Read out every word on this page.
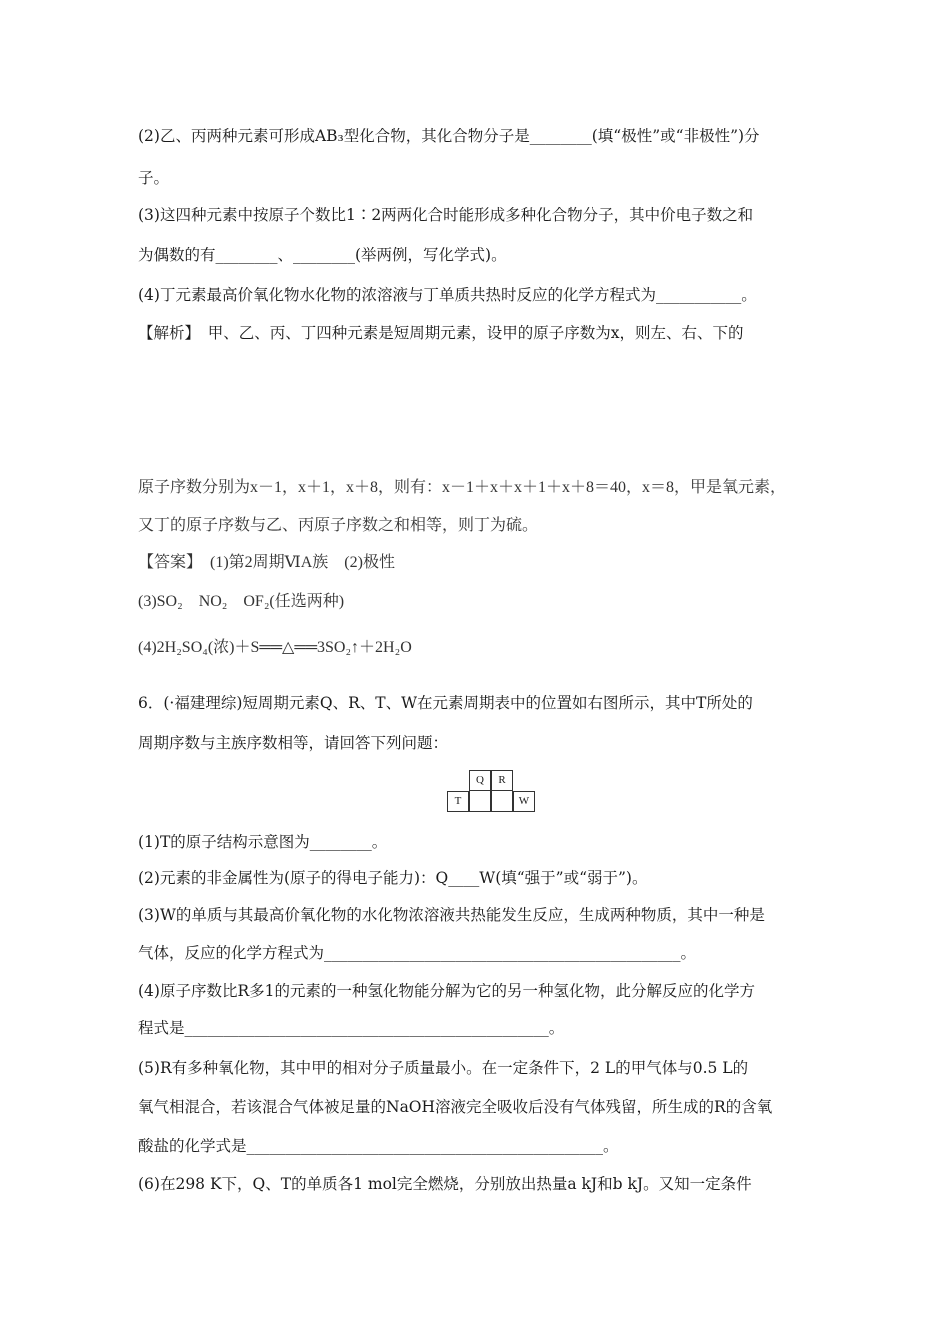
(2)乙、丙两种元素可形成AB₃型化合物，其化合物分子是________(填“极性”或“非极性”)分
子。
(3)这四种元素中按原子个数比1∶2两两化合时能形成多种化合物分子，其中价电子数之和
为偶数的有________、________(举两例，写化学式)。
(4)丁元素最高价氧化物水化物的浓溶液与丁单质共热时反应的化学方程式为___________。
【解析】　甲、乙、丙、丁四种元素是短周期元素，设甲的原子序数为x，则左、右、下的
原子序数分别为x－1，x＋1，x＋8，则有：x－1＋x＋x＋1＋x＋8＝40，x＝8，甲是氧元素，
又丁的原子序数与乙、丙原子序数之和相等，则丁为硫。
【答案】　(1)第2周期ⅥA族　(2)极性
(3)SO₂　NO₂　OF₂(任选两种)
(4)2H₂SO₄(浓)＋S══△══3SO₂↑＋2H₂O
6．(·福建理综)短周期元素Q、R、T、W在元素周期表中的位置如右图所示，其中T所处的
周期序数与主族序数相等，请回答下列问题：
Q	R
T	W
(1)T的原子结构示意图为________。
(2)元素的非金属性为(原子的得电子能力)：Q____W(填“强于”或“弱于”)。
(3)W的单质与其最高价氧化物的水化物浓溶液共热能发生反应，生成两种物质，其中一种是
气体，反应的化学方程式为______________________________________________。
(4)原子序数比R多1的元素的一种氢化物能分解为它的另一种氢化物，此分解反应的化学方
程式是_______________________________________________。
(5)R有多种氧化物，其中甲的相对分子质量最小。在一定条件下，2 L的甲气体与0.5 L的
氧气相混合，若该混合气体被足量的NaOH溶液完全吸收后没有气体残留，所生成的R的含氧
酸盐的化学式是______________________________________________。
(6)在298 K下，Q、T的单质各1 mol完全燃烧，分别放出热量a kJ和b kJ。又知一定条件
